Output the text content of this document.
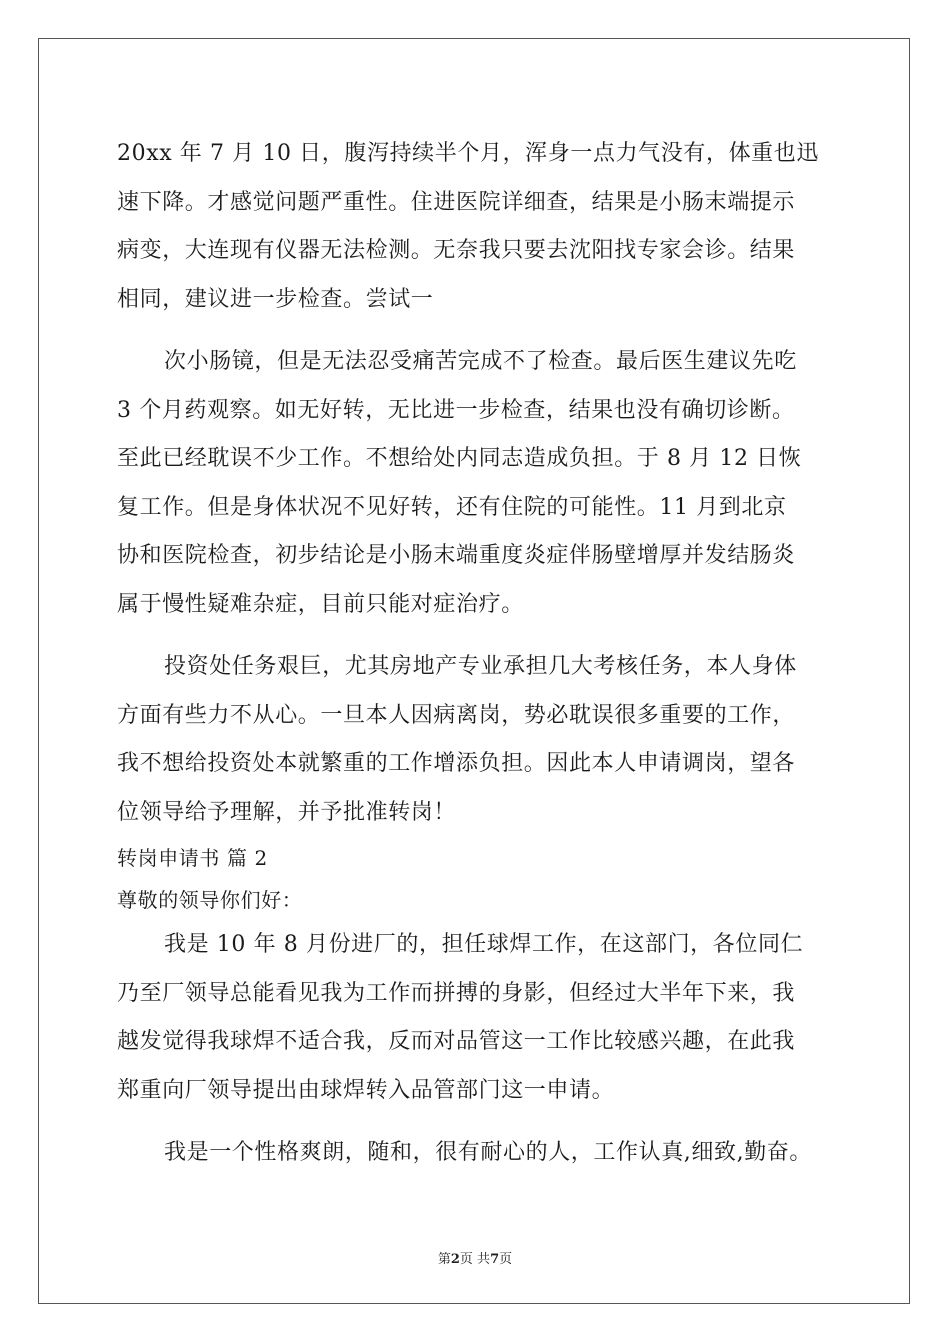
20xx 年 7 月 10 日，腹泻持续半个月，浑身一点力气没有，体重也迅
速下降。才感觉问题严重性。住进医院详细查，结果是小肠末端提示
病变，大连现有仪器无法检测。无奈我只要去沈阳找专家会诊。结果
相同，建议进一步检查。尝试一
次小肠镜，但是无法忍受痛苦完成不了检查。最后医生建议先吃
3 个月药观察。如无好转，无比进一步检查，结果也没有确切诊断。
至此已经耽误不少工作。不想给处内同志造成负担。于 8 月 12 日恢
复工作。但是身体状况不见好转，还有住院的可能性。11 月到北京
协和医院检查，初步结论是小肠末端重度炎症伴肠壁增厚并发结肠炎
属于慢性疑难杂症，目前只能对症治疗。
投资处任务艰巨，尤其房地产专业承担几大考核任务，本人身体
方面有些力不从心。一旦本人因病离岗，势必耽误很多重要的工作，
我不想给投资处本就繁重的工作增添负担。因此本人申请调岗，望各
位领导给予理解，并予批准转岗！
转岗申请书 篇 2
尊敬的领导你们好：
我是 10 年 8 月份进厂的，担任球焊工作，在这部门，各位同仁
乃至厂领导总能看见我为工作而拼搏的身影，但经过大半年下来，我
越发觉得我球焊不适合我，反而对品管这一工作比较感兴趣，在此我
郑重向厂领导提出由球焊转入品管部门这一申请。
我是一个性格爽朗，随和，很有耐心的人，工作认真,细致,勤奋。
第2页 共7页
